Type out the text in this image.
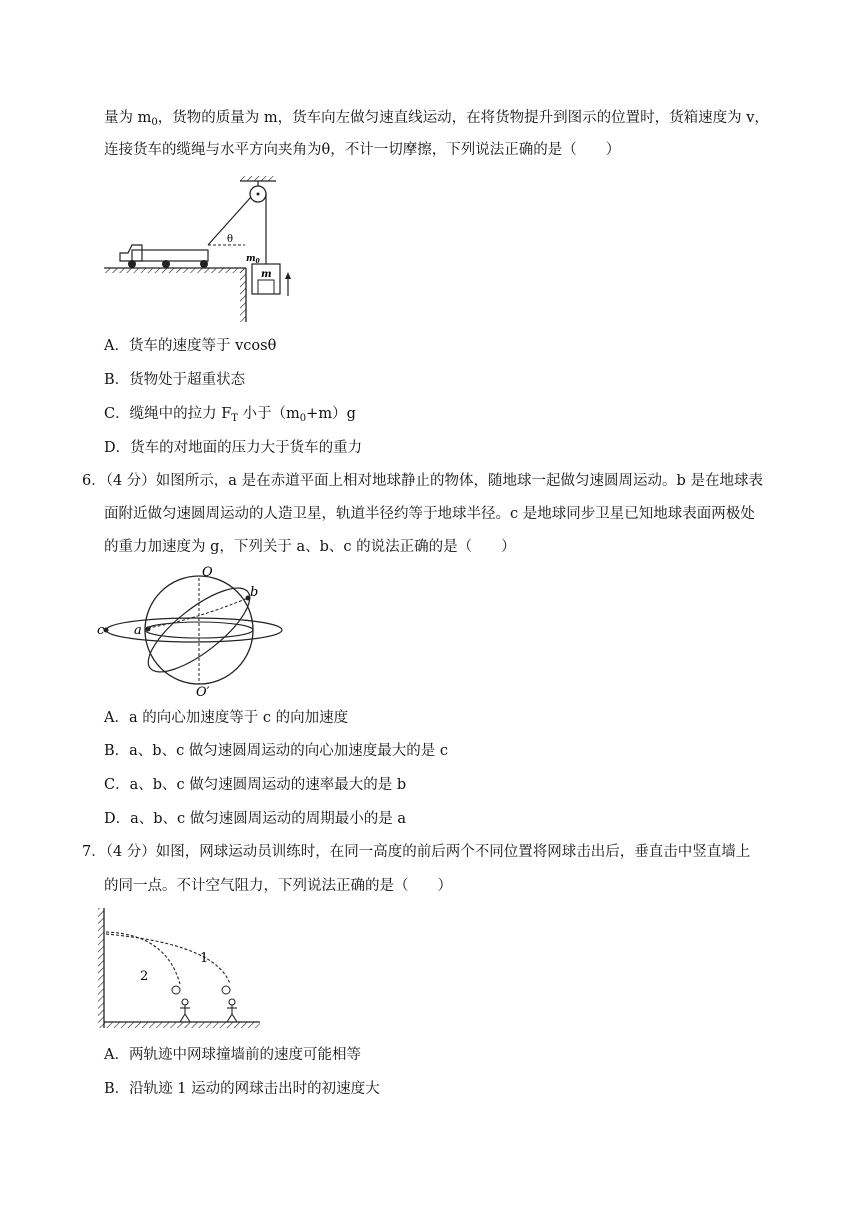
量为 $m_0$，货物的质量为 m，货车向左做匀速直线运动，在将货物提升到图示的位置时，货箱速度为 v，
连接货车的缆绳与水平方向夹角为θ，不计一切摩擦，下列说法正确的是（　　）
θ
$m_0$
m
A．货车的速度等于 vcosθ
B．货物处于超重状态
C．缆绳中的拉力 $F_T$ 小于$(m_0+m)g$
D．货车的对地面的压力大于货车的重力
6．（4 分）如图所示，a 是在赤道平面上相对地球静止的物体，随地球一起做匀速圆周运动。b 是在地球表
面附近做匀速圆周运动的人造卫星，轨道半径约等于地球半径。c 是地球同步卫星已知地球表面两极处
的重力加速度为 g，下列关于 a、b、c 的说法正确的是（　　）
O
O′
b
c a
A．a 的向心加速度等于 c 的向加速度
B．a、b、c 做匀速圆周运动的向心加速度最大的是 c
C．a、b、c 做匀速圆周运动的速率最大的是 b
D．a、b、c 做匀速圆周运动的周期最小的是 a
7．（4 分）如图，网球运动员训练时，在同一高度的前后两个不同位置将网球击出后，垂直击中竖直墙上
的同一点。不计空气阻力，下列说法正确的是（　　）
1
2
A．两轨迹中网球撞墙前的速度可能相等
B．沿轨迹 1 运动的网球击出时的初速度大
